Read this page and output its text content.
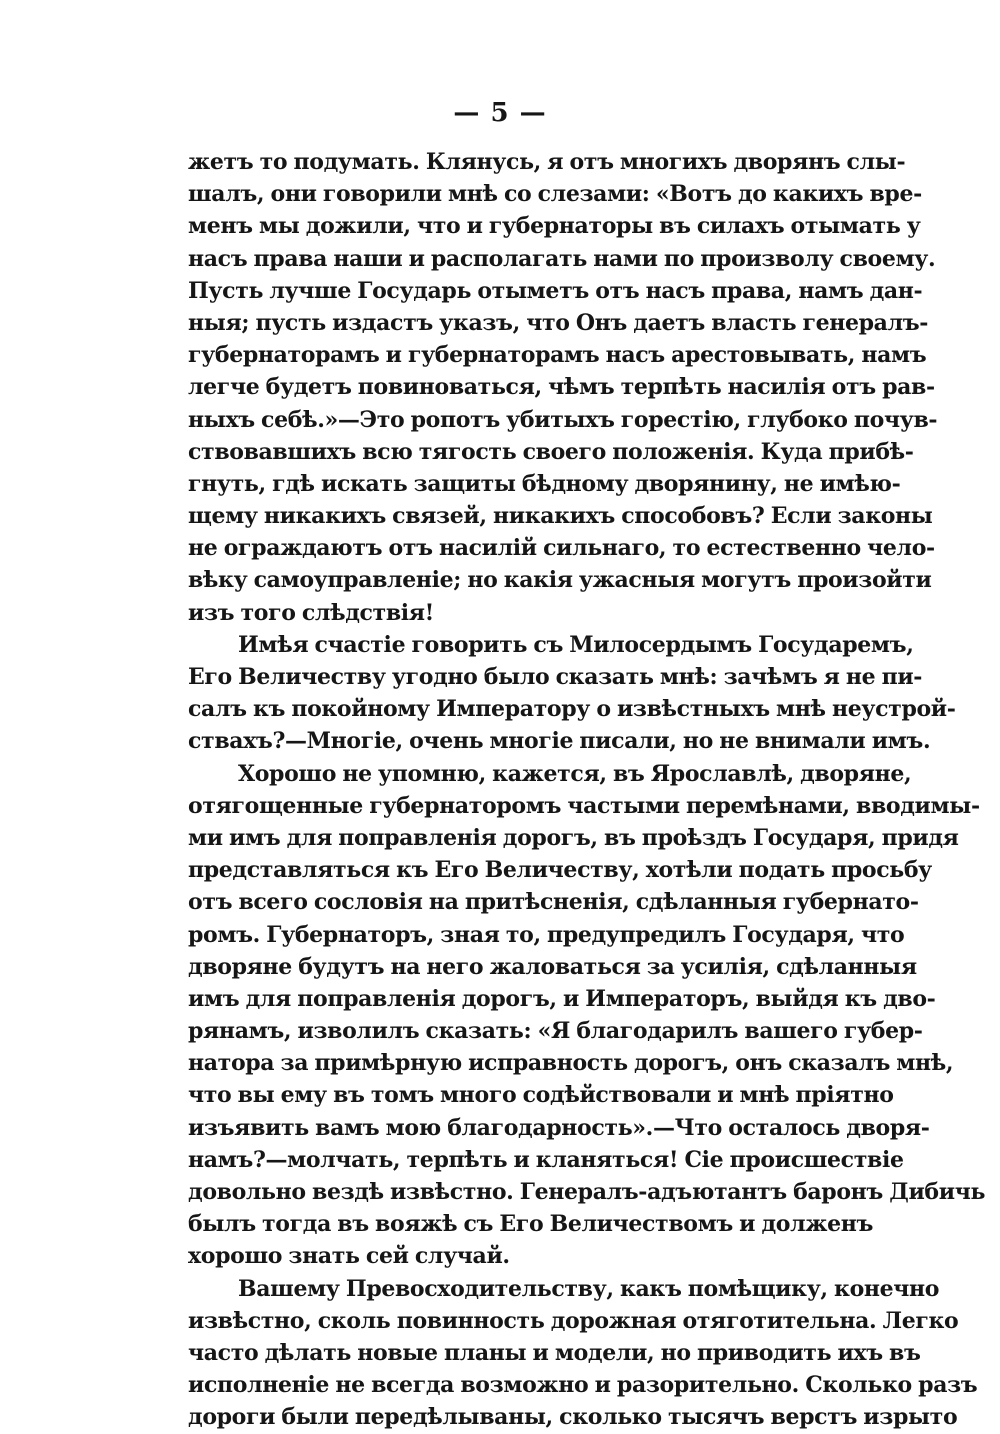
— 5 —
жетъ то подумать. Клянусь, я отъ многихъ дворянъ слы-
шалъ, они говорили мнѣ со слезами: «Вотъ до какихъ вре-
менъ мы дожили, что и губернаторы въ силахъ отымать у
насъ права наши и располагать нами по произволу своему.
Пусть лучше Государь отыметъ отъ насъ права, намъ дан-
ныя; пусть издастъ указъ, что Онъ даетъ власть генералъ-
губернаторамъ и губернаторамъ насъ арестовывать, намъ
легче будетъ повиноваться, чѣмъ терпѣть насилія отъ рав-
ныхъ себѣ.»—Это ропотъ убитыхъ горестію, глубоко почув-
ствовавшихъ всю тягость своего положенія. Куда прибѣ-
гнуть, гдѣ искать защиты бѣдному дворянину, не имѣю-
щему никакихъ связей, никакихъ способовъ? Если законы
не ограждаютъ отъ насилій сильнаго, то естественно чело-
вѣку самоуправленіе; но какія ужасныя могутъ произойти
изъ того слѣдствія!
Имѣя счастіе говорить съ Милосердымъ Государемъ,
Его Величеству угодно было сказать мнѣ: зачѣмъ я не пи-
салъ къ покойному Императору о извѣстныхъ мнѣ неустрой-
ствахъ?—Многіе, очень многіе писали, но не внимали имъ.
Хорошо не упомню, кажется, въ Ярославлѣ, дворяне,
отягощенные губернаторомъ частыми перемѣнами, вводимы-
ми имъ для поправленія дорогъ, въ проѣздъ Государя, придя
представляться къ Его Величеству, хотѣли подать просьбу
отъ всего сословія на притѣсненія, сдѣланныя губернато-
ромъ. Губернаторъ, зная то, предупредилъ Государя, что
дворяне будутъ на него жаловаться за усилія, сдѣланныя
имъ для поправленія дорогъ, и Императоръ, выйдя къ дво-
рянамъ, изволилъ сказать: «Я благодарилъ вашего губер-
натора за примѣрную исправность дорогъ, онъ сказалъ мнѣ,
что вы ему въ томъ много содѣйствовали и мнѣ пріятно
изъявить вамъ мою благодарность».—Что осталось дворя-
намъ?—молчать, терпѣть и кланяться! Сіе происшествіе
довольно вездѣ извѣстно. Генералъ-адъютантъ баронъ Дибичь
былъ тогда въ вояжѣ съ Его Величествомъ и долженъ
хорошо знать сей случай.
Вашему Превосходительству, какъ помѣщику, конечно
извѣстно, сколь повинность дорожная отяготительна. Легко
часто дѣлать новые планы и модели, но приводить ихъ въ
исполненіе не всегда возможно и разорительно. Сколько разъ
дороги были передѣлываны, сколько тысячъ верстъ изрыто
